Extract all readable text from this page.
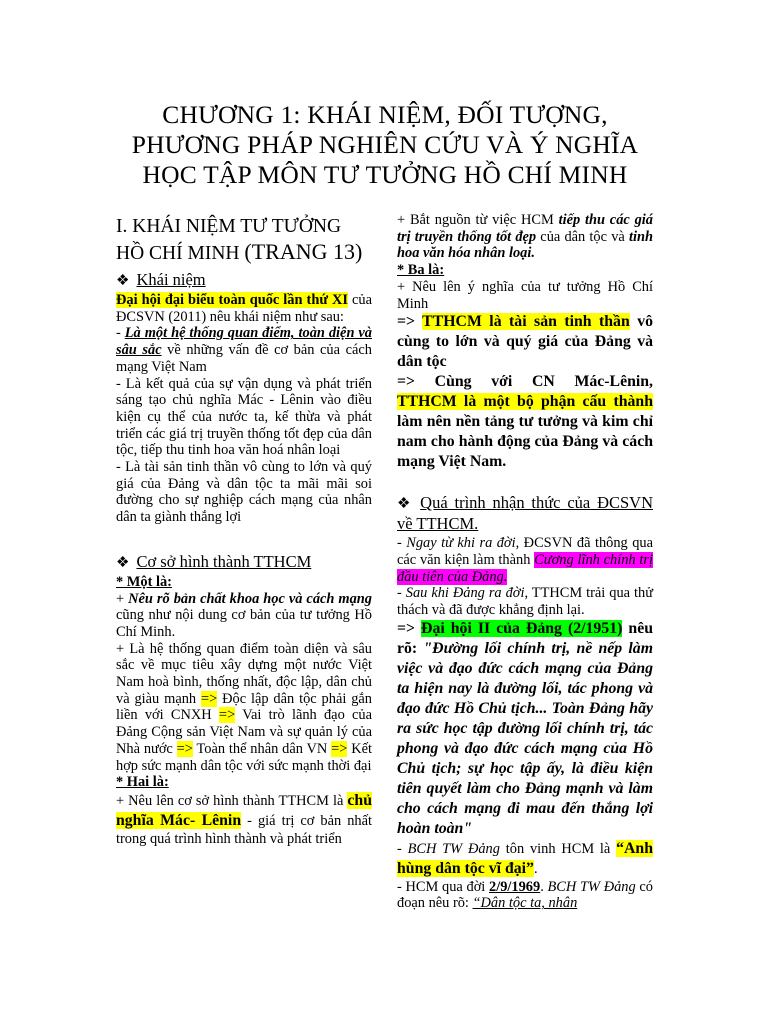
CHƯƠNG 1: KHÁI NIỆM, ĐỐI TƯỢNG,
PHƯƠNG PHÁP NGHIÊN CỨU VÀ Ý NGHĨA
HỌC TẬP MÔN TƯ TƯỞNG HỒ CHÍ MINH

I. KHÁI NIỆM TƯ TƯỞNG HỒ CHÍ MINH (TRANG 13)

❖ Khái niệm

Đại hội đại biểu toàn quốc lần thứ XI của ĐCSVN (2011) nêu khái niệm như sau:

- Là một hệ thống quan điểm, toàn diện và sâu sắc về những vấn đề cơ bản của cách mạng Việt Nam

- Là kết quả của sự vận dụng và phát triển sáng tạo chủ nghĩa Mác - Lênin vào điều kiện cụ thể của nước ta, kế thừa và phát triển các giá trị truyền thống tốt đẹp của dân tộc, tiếp thu tinh hoa văn hoá nhân loại

- Là tài sản tinh thần vô cùng to lớn và quý giá của Đảng và dân tộc ta mãi mãi soi đường cho sự nghiệp cách mạng của nhân dân ta giành thắng lợi

❖ Cơ sở hình thành TTHCM

* Một là:

+ Nêu rõ bản chất khoa học và cách mạng cũng như nội dung cơ bản của tư tưởng Hồ Chí Minh.

+ Là hệ thống quan điểm toàn diện và sâu sắc về mục tiêu xây dựng một nước Việt Nam hoà bình, thống nhất, độc lập, dân chủ và giàu mạnh => Độc lập dân tộc phải gắn liền với CNXH => Vai trò lãnh đạo của Đảng Cộng sản Việt Nam và sự quản lý của Nhà nước => Toàn thể nhân dân VN => Kết hợp sức mạnh dân tộc với sức mạnh thời đại

* Hai là:

+ Nêu lên cơ sở hình thành TTHCM là chủ nghĩa Mác- Lênin - giá trị cơ bản nhất trong quá trình hình thành và phát triển

+ Bắt nguồn từ việc HCM tiếp thu các giá trị truyền thống tốt đẹp của dân tộc và tinh hoa văn hóa nhân loại.

* Ba là:

+ Nêu lên ý nghĩa của tư tưởng Hồ Chí Minh

=> TTHCM là tài sản tinh thần vô cùng to lớn và quý giá của Đảng và dân tộc

=> Cùng với CN Mác-Lênin, TTHCM là một bộ phận cấu thành làm nên nền tảng tư tưởng và kim chỉ nam cho hành động của Đảng và cách mạng Việt Nam.

❖ Quá trình nhận thức của ĐCSVN về TTHCM.

- Ngay từ khi ra đời, ĐCSVN đã thông qua các văn kiện làm thành Cương lĩnh chính trị đầu tiên của Đảng.

- Sau khi Đảng ra đời, TTHCM trải qua thử thách và đã được khẳng định lại.

=> Đại hội II của Đảng (2/1951) nêu rõ: "Đường lối chính trị, nề nếp làm việc và đạo đức cách mạng của Đảng ta hiện nay là đường lối, tác phong và đạo đức Hồ Chủ tịch... Toàn Đảng hãy ra sức học tập đường lối chính trị, tác phong và đạo đức cách mạng của Hồ Chủ tịch; sự học tập ấy, là điều kiện tiên quyết làm cho Đảng mạnh và làm cho cách mạng đi mau đến thắng lợi hoàn toàn"

- BCH TW Đảng tôn vinh HCM là “Anh hùng dân tộc vĩ đại”.

- HCM qua đời 2/9/1969. BCH TW Đảng có đoạn nêu rõ: “Dân tộc ta, nhân
